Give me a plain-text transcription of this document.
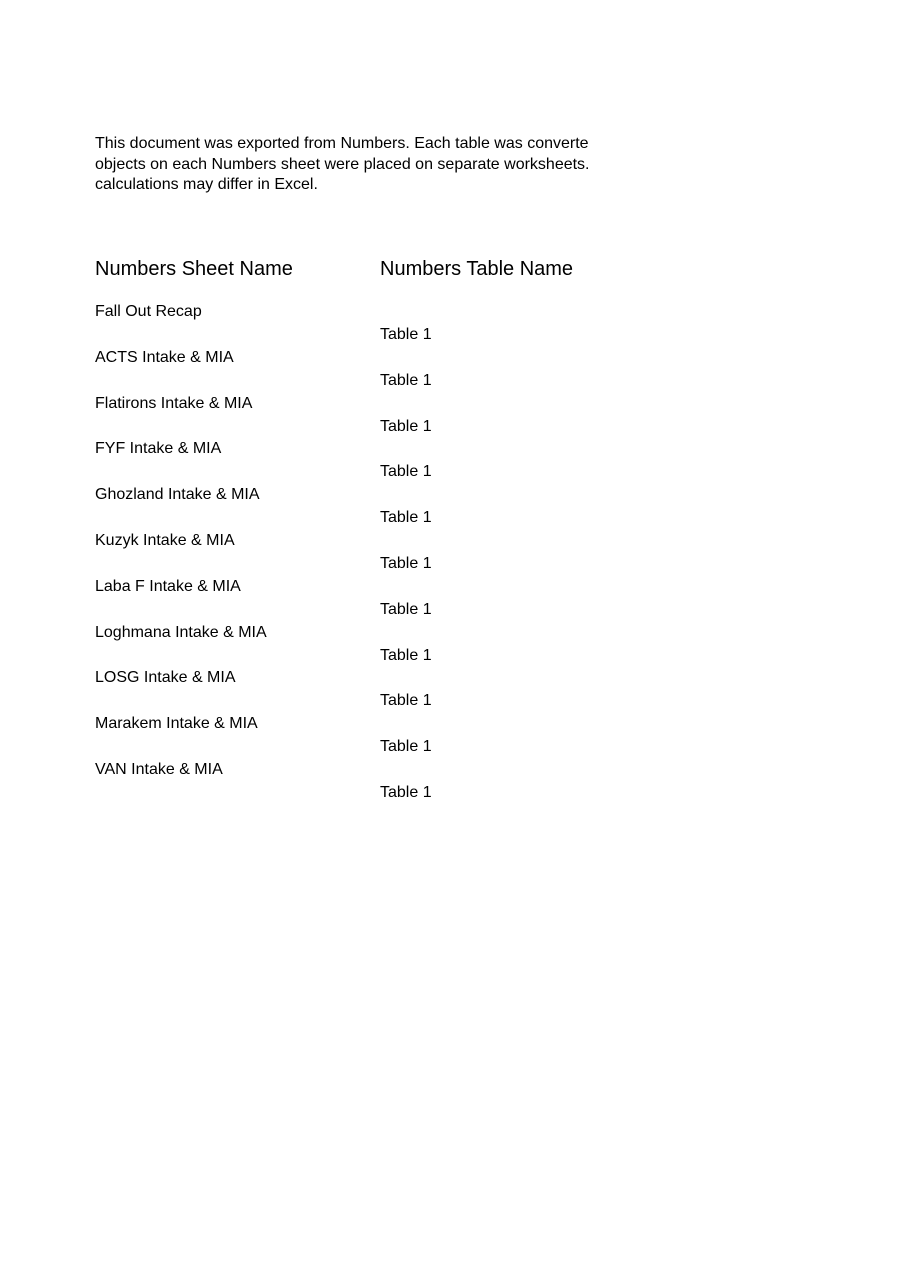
This document was exported from Numbers. Each table was converte
objects on each Numbers sheet were placed on separate worksheets.
calculations may differ in Excel.
Numbers Sheet Name	Numbers Table Name
Fall Out Recap
Table 1
ACTS Intake & MIA
Table 1
Flatirons Intake & MIA
Table 1
FYF Intake & MIA
Table 1
Ghozland Intake & MIA
Table 1
Kuzyk Intake & MIA
Table 1
Laba F Intake & MIA
Table 1
Loghmana Intake & MIA
Table 1
LOSG Intake & MIA
Table 1
Marakem Intake & MIA
Table 1
VAN Intake & MIA
Table 1
